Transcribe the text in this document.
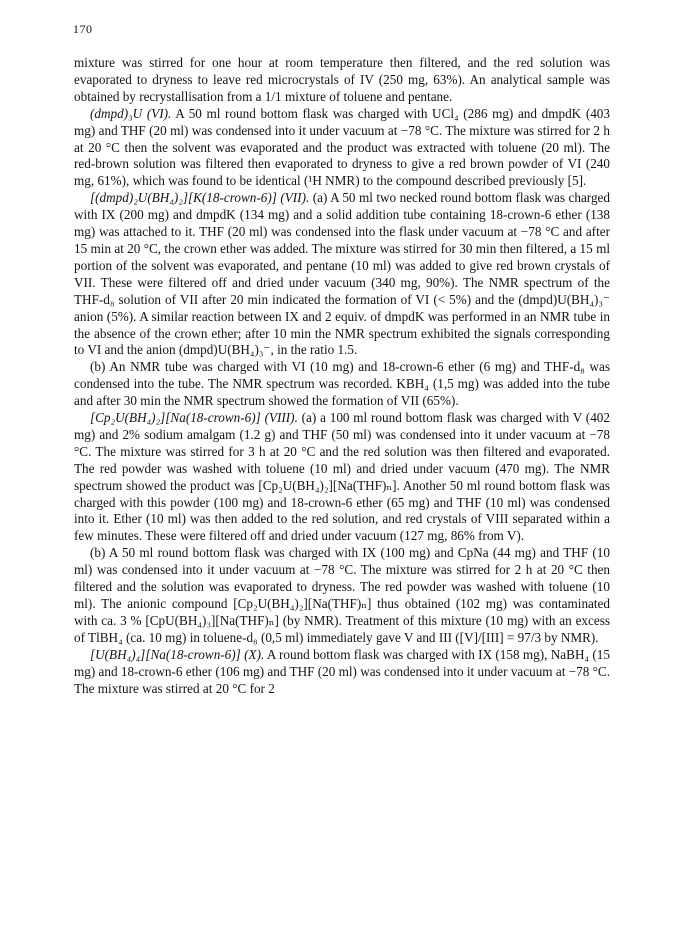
170

mixture was stirred for one hour at room temperature then filtered, and the red solution was evaporated to dryness to leave red microcrystals of IV (250 mg, 63%). An analytical sample was obtained by recrystallisation from a 1/1 mixture of toluene and pentane.

(dmpd)₃U (VI). A 50 ml round bottom flask was charged with UCl₄ (286 mg) and dmpdK (403 mg) and THF (20 ml) was condensed into it under vacuum at −78 °C. The mixture was stirred for 2 h at 20 °C then the solvent was evaporated and the product was extracted with toluene (20 ml). The red-brown solution was filtered then evaporated to dryness to give a red brown powder of VI (240 mg, 61%), which was found to be identical (¹H NMR) to the compound described previously [5].

[(dmpd)₂U(BH₄)₂][K(18-crown-6)] (VII). (a) A 50 ml two necked round bottom flask was charged with IX (200 mg) and dmpdK (134 mg) and a solid addition tube containing 18-crown-6 ether (138 mg) was attached to it. THF (20 ml) was condensed into the flask under vacuum at −78 °C and after 15 min at 20 °C, the crown ether was added. The mixture was stirred for 30 min then filtered, a 15 ml portion of the solvent was evaporated, and pentane (10 ml) was added to give red brown crystals of VII. These were filtered off and dried under vacuum (340 mg, 90%). The NMR spectrum of the THF-d₈ solution of VII after 20 min indicated the formation of VI (< 5%) and the (dmpd)U(BH₄)₃⁻ anion (5%). A similar reaction between IX and 2 equiv. of dmpdK was performed in an NMR tube in the absence of the crown ether; after 10 min the NMR spectrum exhibited the signals corresponding to VI and the anion (dmpd)U(BH₄)₃⁻, in the ratio 1.5.

(b) An NMR tube was charged with VI (10 mg) and 18-crown-6 ether (6 mg) and THF-d₈ was condensed into the tube. The NMR spectrum was recorded. KBH₄ (1,5 mg) was added into the tube and after 30 min the NMR spectrum showed the formation of VII (65%).

[Cp₂U(BH₄)₂][Na(18-crown-6)] (VIII). (a) a 100 ml round bottom flask was charged with V (402 mg) and 2% sodium amalgam (1.2 g) and THF (50 ml) was condensed into it under vacuum at −78 °C. The mixture was stirred for 3 h at 20 °C and the red solution was then filtered and evaporated. The red powder was washed with toluene (10 ml) and dried under vacuum (470 mg). The NMR spectrum showed the product was [Cp₂U(BH₄)₂][Na(THF)ₙ]. Another 50 ml round bottom flask was charged with this powder (100 mg) and 18-crown-6 ether (65 mg) and THF (10 ml) was condensed into it. Ether (10 ml) was then added to the red solution, and red crystals of VIII separated within a few minutes. These were filtered off and dried under vacuum (127 mg, 86% from V).

(b) A 50 ml round bottom flask was charged with IX (100 mg) and CpNa (44 mg) and THF (10 ml) was condensed into it under vacuum at −78 °C. The mixture was stirred for 2 h at 20 °C then filtered and the solution was evaporated to dryness. The red powder was washed with toluene (10 ml). The anionic compound [Cp₂U(BH₄)₂][Na(THF)ₙ] thus obtained (102 mg) was contaminated with ca. 3 % [CpU(BH₄)₃][Na(THF)ₙ] (by NMR). Treatment of this mixture (10 mg) with an excess of TlBH₄ (ca. 10 mg) in toluene-d₈ (0,5 ml) immediately gave V and III ([V]/[III] = 97/3 by NMR).

[U(BH₄)₄][Na(18-crown-6)] (X). A round bottom flask was charged with IX (158 mg), NaBH₄ (15 mg) and 18-crown-6 ether (106 mg) and THF (20 ml) was condensed into it under vacuum at −78 °C. The mixture was stirred at 20 °C for 2
